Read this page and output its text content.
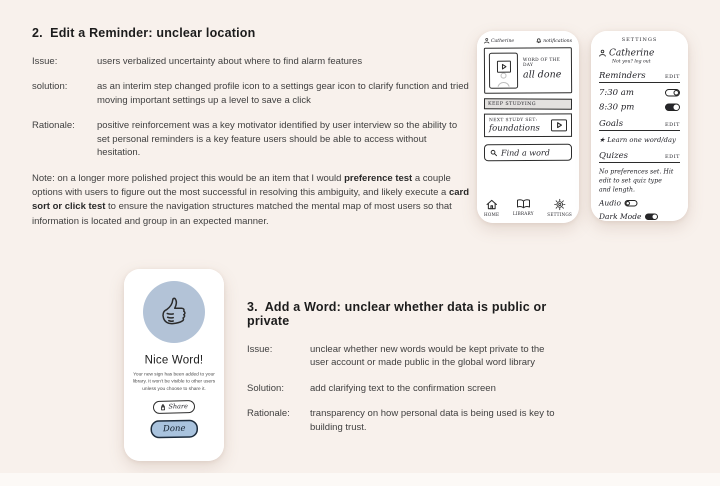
2.  Edit a Reminder: unclear location
Issue:	users verbalized uncertainty about where to find alarm features
solution:	as an interim step changed profile icon to a settings gear icon to clarify function and tried moving important settings up a level to save a click
Rationale:	positive reinforcement was a key motivator identified by user interview so the ability to set personal reminders is a key feature users should be able to access without hesitation.
Note: on a longer more polished project this would be an item that I would preference test a couple options with users to figure out the most successful in resolving this ambiguity, and likely execute a card sort or click test to ensure the navigation structures matched the mental map of most users so that information is located and group in an expected manner.
Catherine	notifications
WORD OF THE DAY
all done
KEEP STUDYING
NEXT STUDY SET:
foundations
Find a word
HOME LIBRARY SETTINGS
SETTINGS
Catherine
Not you? log out
Reminders EDIT
7:30 am
8:30 pm
Goals	EDIT
★ Learn one word/day
Quizes	EDIT
No preferences set. Hit edit to set quiz type and length.
Audio
Dark Mode
Nice Word!
Your new sign has been added to your library. It won't be visible to other users unless you choose to share it.
Share
Done
3.  Add a Word: unclear whether data is public or private
Issue:	unclear whether new words would be kept private to the user account or made public in the global word library
Solution:	add clarifying text to the confirmation screen
Rationale:	transparency on how personal data is being used is key to building trust.
